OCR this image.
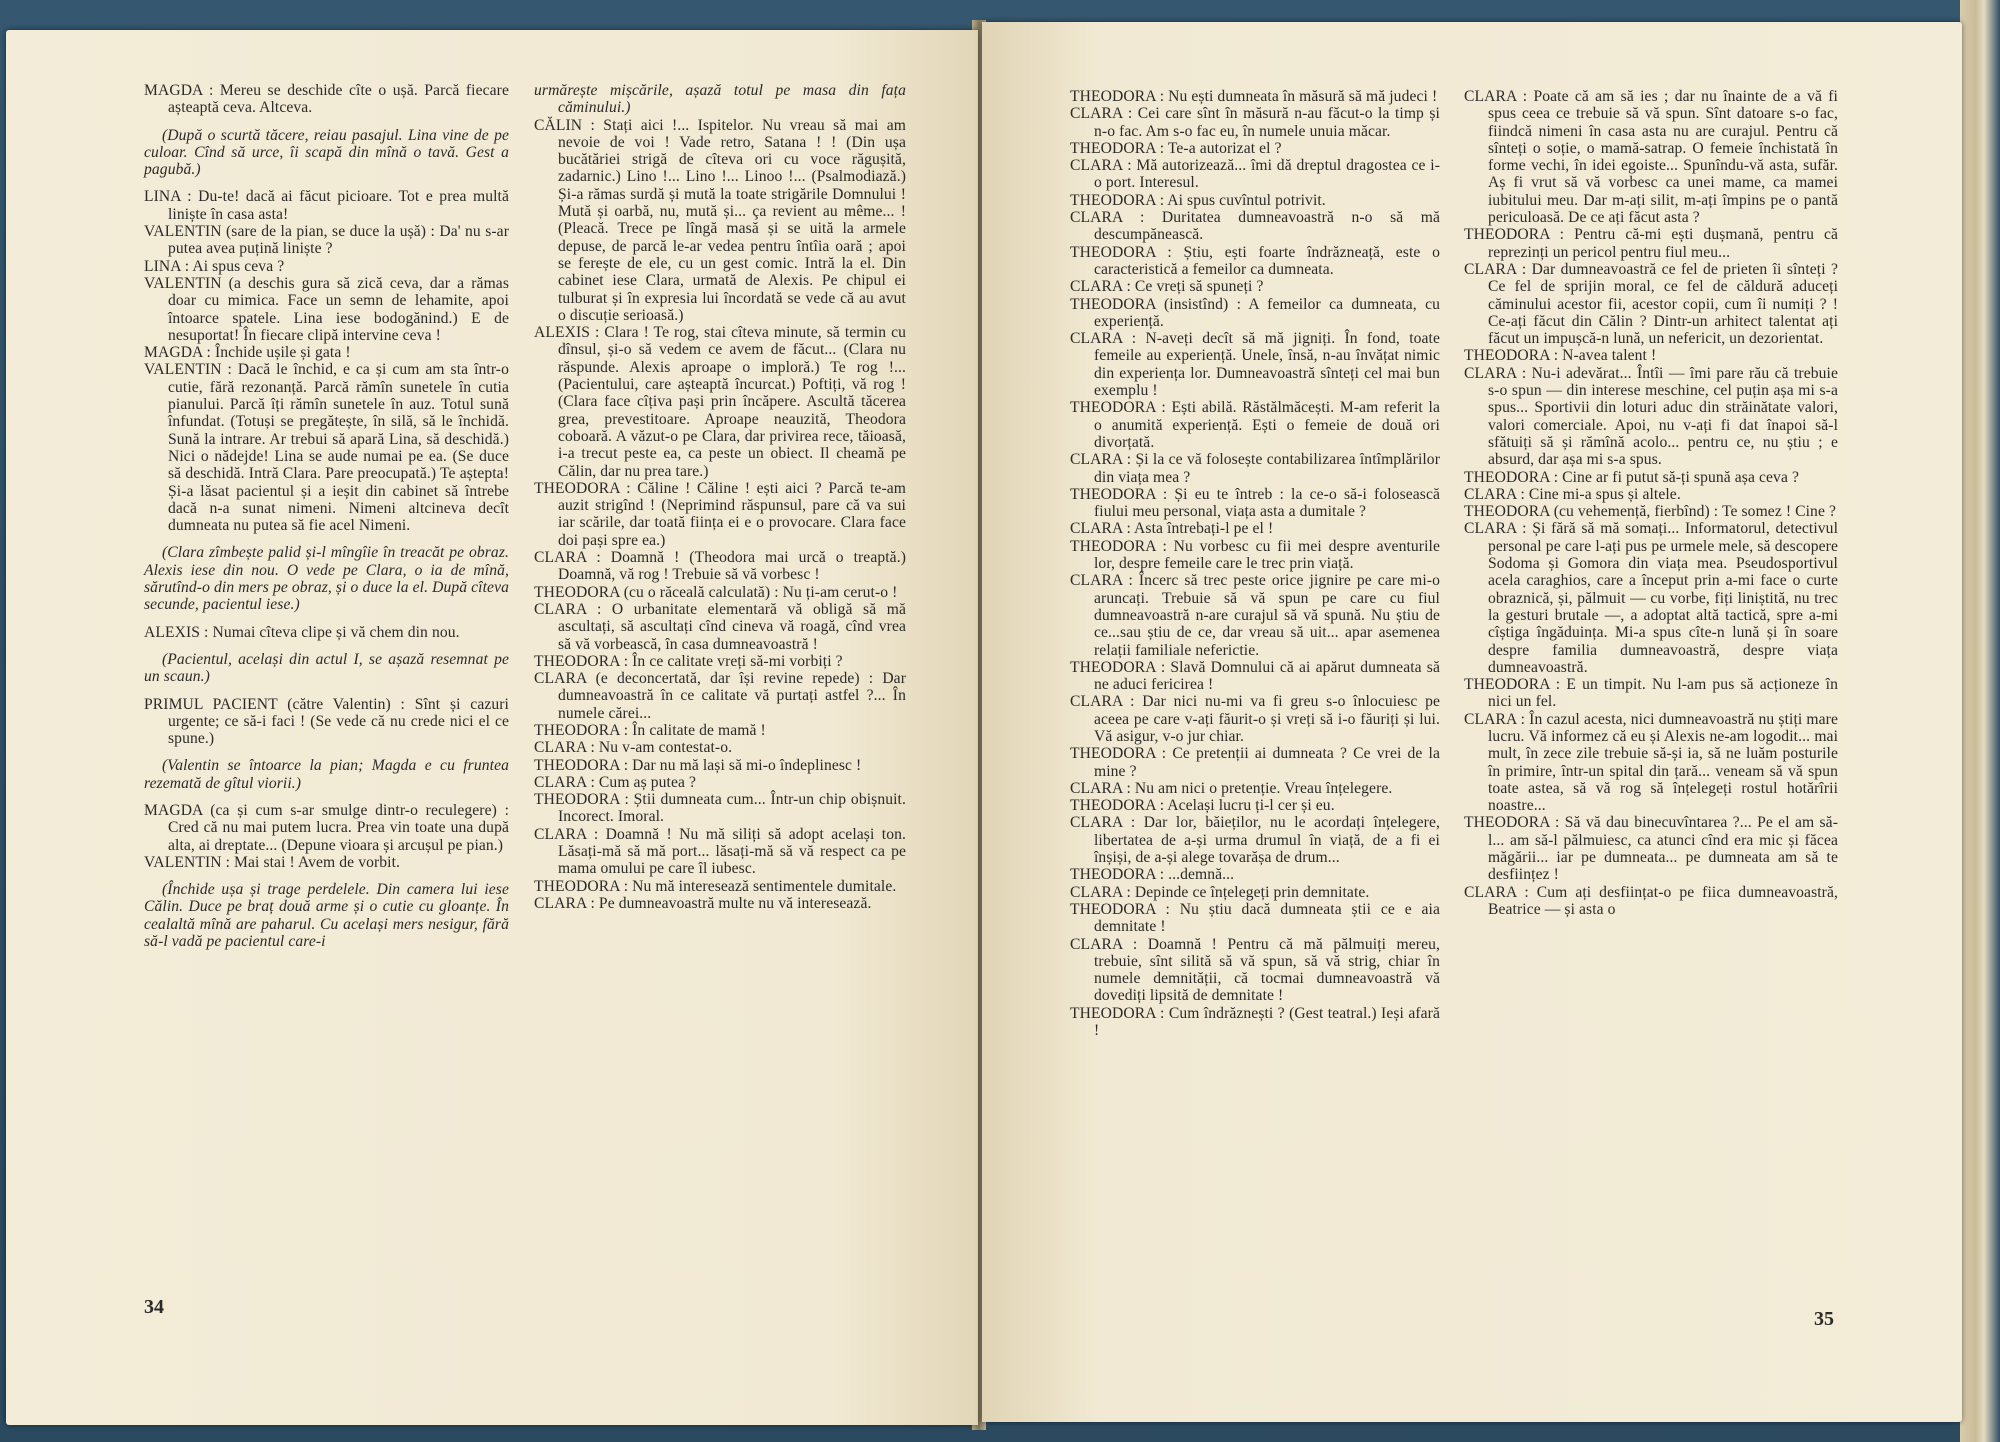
MAGDA : Mereu se deschide cîte o ușă. Parcă fiecare așteaptă ceva. Altceva.

(După o scurtă tăcere, reiau pasajul. Lina vine de pe culoar. Cînd să urce, îi scapă din mînă o tavă. Gest a pagubă.)

LINA : Du-te! dacă ai făcut picioare. Tot e prea multă liniște în casa asta!

VALENTIN (sare de la pian, se duce la ușă) : Da' nu s-ar putea avea puțină liniște ?

LINA : Ai spus ceva ?

VALENTIN (a deschis gura să zică ceva, dar a rămas doar cu mimica. Face un semn de lehamite, apoi întoarce spatele. Lina iese bodogănind.) E de nesuportat! În fiecare clipă intervine ceva !

MAGDA : Închide ușile și gata !

VALENTIN : Dacă le închid, e ca și cum am sta într-o cutie, fără rezonanță. Parcă rămîn sunetele în cutia pianului. Parcă îți rămîn sunetele în auz. Totul sună înfundat. (Totuși se pregătește, în silă, să le închidă. Sună la intrare. Ar trebui să apară Lina, să deschidă.) Nici o nădejde! Lina se aude numai pe ea. (Se duce să deschidă. Intră Clara. Pare preocupată.) Te aștepta! Și-a lăsat pacientul și a ieșit din cabinet să întrebe dacă n-a sunat nimeni. Nimeni altcineva decît dumneata nu putea să fie acel Nimeni.

(Clara zîmbește palid și-l mîngîie în treacăt pe obraz. Alexis iese din nou. O vede pe Clara, o ia de mînă, sărutînd-o din mers pe obraz, și o duce la el. După cîteva secunde, pacientul iese.)

ALEXIS : Numai cîteva clipe și vă chem din nou.

(Pacientul, același din actul I, se așază resemnat pe un scaun.)

PRIMUL PACIENT (către Valentin) : Sînt și cazuri urgente; ce să-i faci ! (Se vede că nu crede nici el ce spune.)

(Valentin se întoarce la pian; Magda e cu fruntea rezemată de gîtul viorii.)

MAGDA (ca și cum s-ar smulge dintr-o reculegere) : Cred că nu mai putem lucra. Prea vin toate una după alta, ai dreptate... (Depune vioara și arcușul pe pian.)

VALENTIN : Mai stai ! Avem de vorbit.

(Închide ușa și trage perdelele. Din camera lui iese Călin. Duce pe braț două arme și o cutie cu gloanțe. În cealaltă mînă are paharul. Cu același mers nesigur, fără să-l vadă pe pacientul care-i

urmărește mișcările, așază totul pe masa din fața căminului.)

CĂLIN : Stați aici !... Ispitelor. Nu vreau să mai am nevoie de voi ! Vade retro, Satana ! ! (Din ușa bucătăriei strigă de cîteva ori cu voce răgușită, zadarnic.) Lino !... Lino !... Linoo !... (Psalmodiază.) Și-a rămas surdă și mută la toate strigările Domnului ! Mută și oarbă, nu, mută și... ça revient au même... ! (Pleacă. Trece pe lîngă masă și se uită la armele depuse, de parcă le-ar vedea pentru întîia oară ; apoi se ferește de ele, cu un gest comic. Intră la el. Din cabinet iese Clara, urmată de Alexis. Pe chipul ei tulburat și în expresia lui încordată se vede că au avut o discuție serioasă.)

ALEXIS : Clara ! Te rog, stai cîteva minute, să termin cu dînsul, și-o să vedem ce avem de făcut... (Clara nu răspunde. Alexis aproape o imploră.) Te rog !... (Pacientului, care așteaptă încurcat.) Poftiți, vă rog ! (Clara face cîțiva pași prin încăpere. Ascultă tăcerea grea, prevestitoare. Aproape neauzită, Theodora coboară. A văzut-o pe Clara, dar privirea rece, tăioasă, i-a trecut peste ea, ca peste un obiect. Il cheamă pe Călin, dar nu prea tare.)

THEODORA : Căline ! Căline ! ești aici ? Parcă te-am auzit strigînd ! (Neprimind răspunsul, pare că va sui iar scările, dar toată ființa ei e o provocare. Clara face doi pași spre ea.)

CLARA : Doamnă ! (Theodora mai urcă o treaptă.) Doamnă, vă rog ! Trebuie să vă vorbesc !

THEODORA (cu o răceală calculată) : Nu ți-am cerut-o !

CLARA : O urbanitate elementară vă obligă să mă ascultați, să ascultați cînd cineva vă roagă, cînd vrea să vă vorbească, în casa dumneavoastră !

THEODORA : În ce calitate vreți să-mi vorbiți ?

CLARA (e deconcertată, dar își revine repede) : Dar dumneavoastră în ce calitate vă purtați astfel ?... În numele cărei...

THEODORA : În calitate de mamă !

CLARA : Nu v-am contestat-o.

THEODORA : Dar nu mă lași să mi-o îndeplinesc !

CLARA : Cum aș putea ?

THEODORA : Știi dumneata cum... Într-un chip obișnuit. Incorect. Imoral.

CLARA : Doamnă ! Nu mă siliți să adopt același ton. Lăsați-mă să mă port... lăsați-mă să vă respect ca pe mama omului pe care îl iubesc.

THEODORA : Nu mă interesează sentimentele dumitale.

CLARA : Pe dumneavoastră multe nu vă interesează.

34

THEODORA : Nu ești dumneata în măsură să mă judeci !

CLARA : Cei care sînt în măsură n-au făcut-o la timp și n-o fac. Am s-o fac eu, în numele unuia măcar.

THEODORA : Te-a autorizat el ?

CLARA : Mă autorizează... îmi dă dreptul dragostea ce i-o port. Interesul.

THEODORA : Ai spus cuvîntul potrivit.

CLARA : Duritatea dumneavoastră n-o să mă descumpănească.

THEODORA : Știu, ești foarte îndrăzneață, este o caracteristică a femeilor ca dumneata.

CLARA : Ce vreți să spuneți ?

THEODORA (insistînd) : A femeilor ca dumneata, cu experiență.

CLARA : N-aveți decît să mă jigniți. În fond, toate femeile au experiență. Unele, însă, n-au învățat nimic din experiența lor. Dumneavoastră sînteți cel mai bun exemplu !

THEODORA : Ești abilă. Răstălmăcești. M-am referit la o anumită experiență. Ești o femeie de două ori divorțată.

CLARA : Și la ce vă folosește contabilizarea întîmplărilor din viața mea ?

THEODORA : Și eu te întreb : la ce-o să-i folosească fiului meu personal, viața asta a dumitale ?

CLARA : Asta întrebați-l pe el !

THEODORA : Nu vorbesc cu fii mei despre aventurile lor, despre femeile care le trec prin viață.

CLARA : Încerc să trec peste orice jignire pe care mi-o aruncați. Trebuie să vă spun pe care cu fiul dumneavoastră n-are curajul să vă spună. Nu știu de ce...sau știu de ce, dar vreau să uit... apar asemenea relații familiale neferictie.

THEODORA : Slavă Domnului că ai apărut dumneata să ne aduci fericirea !

CLARA : Dar nici nu-mi va fi greu s-o înlocuiesc pe aceea pe care v-ați făurit-o și vreți să i-o făuriți și lui. Vă asigur, v-o jur chiar.

THEODORA : Ce pretenții ai dumneata ? Ce vrei de la mine ?

CLARA : Nu am nici o pretenție. Vreau înțelegere.

THEODORA : Același lucru ți-l cer și eu.

CLARA : Dar lor, băieților, nu le acordați înțelegere, libertatea de a-și urma drumul în viață, de a fi ei înșiși, de a-și alege tovarășa de drum...

THEODORA : ...demnă...

CLARA : Depinde ce înțelegeți prin demnitate.

THEODORA : Nu știu dacă dumneata știi ce e aia demnitate !

CLARA : Doamnă ! Pentru că mă pălmuiți mereu, trebuie, sînt silită să vă spun, să vă strig, chiar în numele demnității, că tocmai dumneavoastră vă dovediți lipsită de demnitate !

THEODORA : Cum îndrăznești ? (Gest teatral.) Ieși afară !

CLARA : Poate că am să ies ; dar nu înainte de a vă fi spus ceea ce trebuie să vă spun. Sînt datoare s-o fac, fiindcă nimeni în casa asta nu are curajul. Pentru că sînteți o soție, o mamă-satrap. O femeie închistată în forme vechi, în idei egoiste... Spunîndu-vă asta, sufăr. Aș fi vrut să vă vorbesc ca unei mame, ca mamei iubitului meu. Dar m-ați silit, m-ați împins pe o pantă periculoasă. De ce ați făcut asta ?

THEODORA : Pentru că-mi ești dușmană, pentru că reprezinți un pericol pentru fiul meu...

CLARA : Dar dumneavoastră ce fel de prieten îi sînteți ? Ce fel de sprijin moral, ce fel de căldură aduceți căminului acestor fii, acestor copii, cum îi numiți ? ! Ce-ați făcut din Călin ? Dintr-un arhitect talentat ați făcut un impușcă-n lună, un nefericit, un dezorientat.

THEODORA : N-avea talent !

CLARA : Nu-i adevărat... Întîi — îmi pare rău că trebuie s-o spun — din interese meschine, cel puțin așa mi s-a spus... Sportivii din loturi aduc din străinătate valori, valori comerciale. Apoi, nu v-ați fi dat înapoi să-l sfătuiți să și rămînă acolo... pentru ce, nu știu ; e absurd, dar așa mi s-a spus.

THEODORA : Cine ar fi putut să-ți spună așa ceva ?

CLARA : Cine mi-a spus și altele.

THEODORA (cu vehemență, fierbînd) : Te somez ! Cine ?

CLARA : Și fără să mă somați... Informatorul, detectivul personal pe care l-ați pus pe urmele mele, să descopere Sodoma și Gomora din viața mea. Pseudosportivul acela caraghios, care a început prin a-mi face o curte obraznică, și, pălmuit — cu vorbe, fiți liniștită, nu trec la gesturi brutale —, a adoptat altă tactică, spre a-mi cîștiga îngăduința. Mi-a spus cîte-n lună și în soare despre familia dumneavoastră, despre viața dumneavoastră.

THEODORA : E un timpit. Nu l-am pus să acționeze în nici un fel.

CLARA : În cazul acesta, nici dumneavoastră nu știți mare lucru. Vă informez că eu și Alexis ne-am logodit... mai mult, în zece zile trebuie să-și ia, să ne luăm posturile în primire, într-un spital din țară... veneam să vă spun toate astea, să vă rog să înțelegeți rostul hotărîrii noastre...

THEODORA : Să vă dau binecuvîntarea ?... Pe el am să-l... am să-l pălmuiesc, ca atunci cînd era mic și făcea măgării... iar pe dumneata... pe dumneata am să te desființez !

CLARA : Cum ați desființat-o pe fiica dumneavoastră, Beatrice — și asta o

35
